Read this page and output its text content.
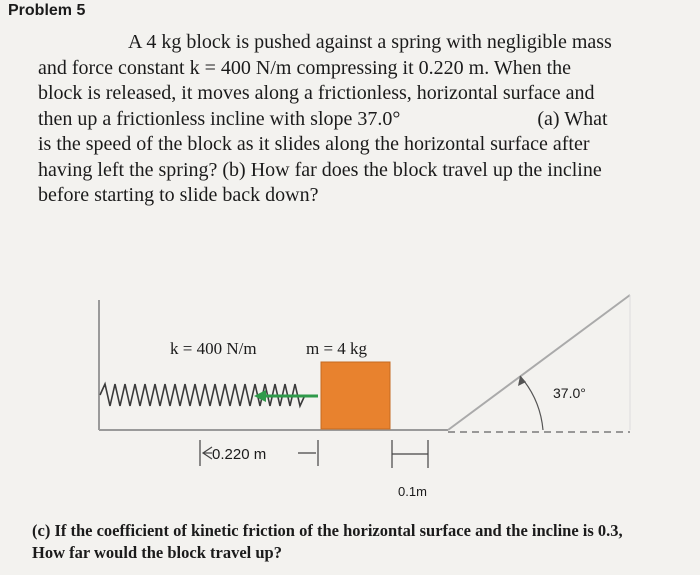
Problem 5
A 4 kg block is pushed against a spring with negligible mass
and force constant k = 400 N/m compressing it 0.220 m. When the
block is released, it moves along a frictionless, horizontal surface and
then up a frictionless incline with slope 37.0°	(a) What
is the speed of the block as it slides along the horizontal surface after
having left the spring? (b) How far does the block travel up the incline
before starting to slide back down?
k = 400 N/m	m = 4 kg
0.220 m
0.1m
37.0°
(c) If the coefficient of kinetic friction of the horizontal surface and the incline is 0.3,
How far would the block travel up?
